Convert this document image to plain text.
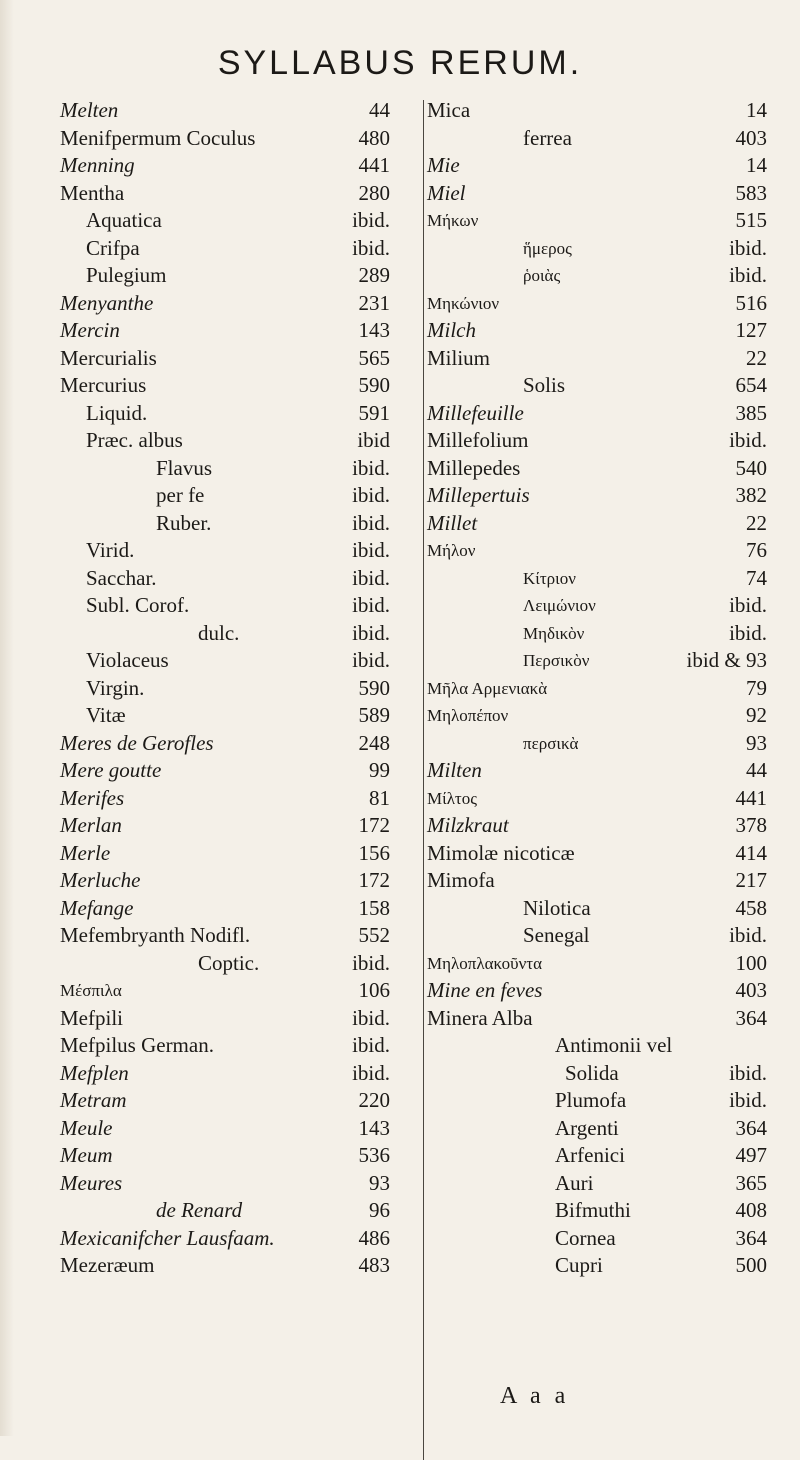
SYLLABUS RERUM.
Melten	44
Menifpermum Coculus	480
Menning	441
Mentha	280
Aquatica	ibid.
Crifpa	ibid.
Pulegium	289
Menyanthe	231
Mercin	143
Mercurialis	565
Mercurius	590
Liquid.	591
Præc. albus	ibid
Flavus	ibid.
per fe	ibid.
Ruber.	ibid.
Virid.	ibid.
Sacchar.	ibid.
Subl. Corof.	ibid.
dulc.	ibid.
Violaceus	ibid.
Virgin.	590
Vitæ	589
Meres de Gerofles	248
Mere goutte	99
Merifes	81
Merlan	172
Merle	156
Merluche	172
Mefange	158
Mefembryanth Nodifl.	552
Coptic.	ibid.
Μέσπιλα	106
Mefpili	ibid.
Mefpilus German.	ibid.
Mefplen	ibid.
Metram	220
Meule	143
Meum	536
Meures	93
de Renard	96
Mexicanifcher Lausfaam.	486
Mezeræum	483
Mica	14
ferrea	403
Mie	14
Miel	583
Μήκων	515
ἥμερος	ibid.
ῥοιὰς	ibid.
Μηκώνιον	516
Milch	127
Milium	22
Solis	654
Millefeuille	385
Millefolium	ibid.
Millepedes	540
Millepertuis	382
Millet	22
Μήλον	76
Κίτριον	74
Λειμώνιον	ibid.
Μηδικὸν	ibid.
Περσικὸν	ibid & 93
Μῆλα Αρμενιακὰ	79
Μηλοπέπον	92
περσικὰ	93
Milten	44
Μίλτος	441
Milzkraut	378
Mimolæ nicoticæ	414
Mimofa	217
Nilotica	458
Senegal	ibid.
Μηλοπλακοῦντα	100
Mine en feves	403
Minera Alba	364
Antimonii vel
Solida	ibid.
Plumofa	ibid.
Argenti	364
Arfenici	497
Auri	365
Bifmuthi	408
Cornea	364
Cupri	500
A a a
